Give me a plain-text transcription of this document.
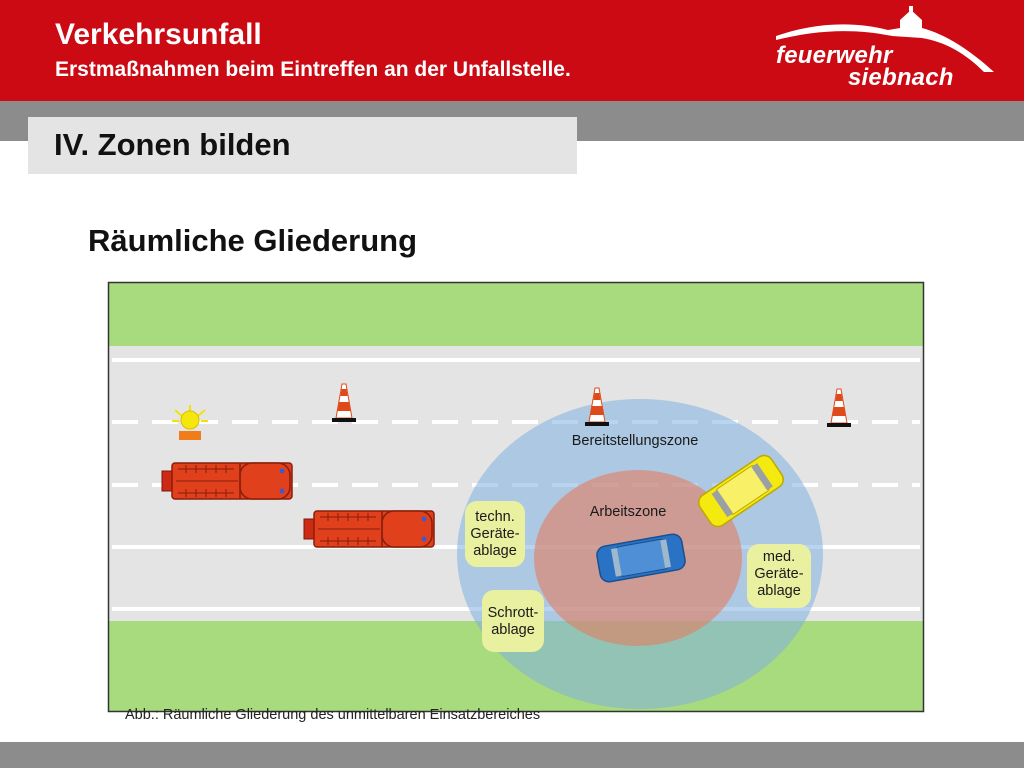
Verkehrsunfall
Erstmaßnahmen beim Eintreffen an der Unfallstelle.
feuerwehr
siebnach
IV. Zonen bilden
Räumliche Gliederung
Bereitstellungszone
Arbeitszone
techn.
Geräte-
ablage
Schrott-
ablage
med.
Geräte-
ablage
Abb.: Räumliche Gliederung des unmittelbaren Einsatzbereiches
